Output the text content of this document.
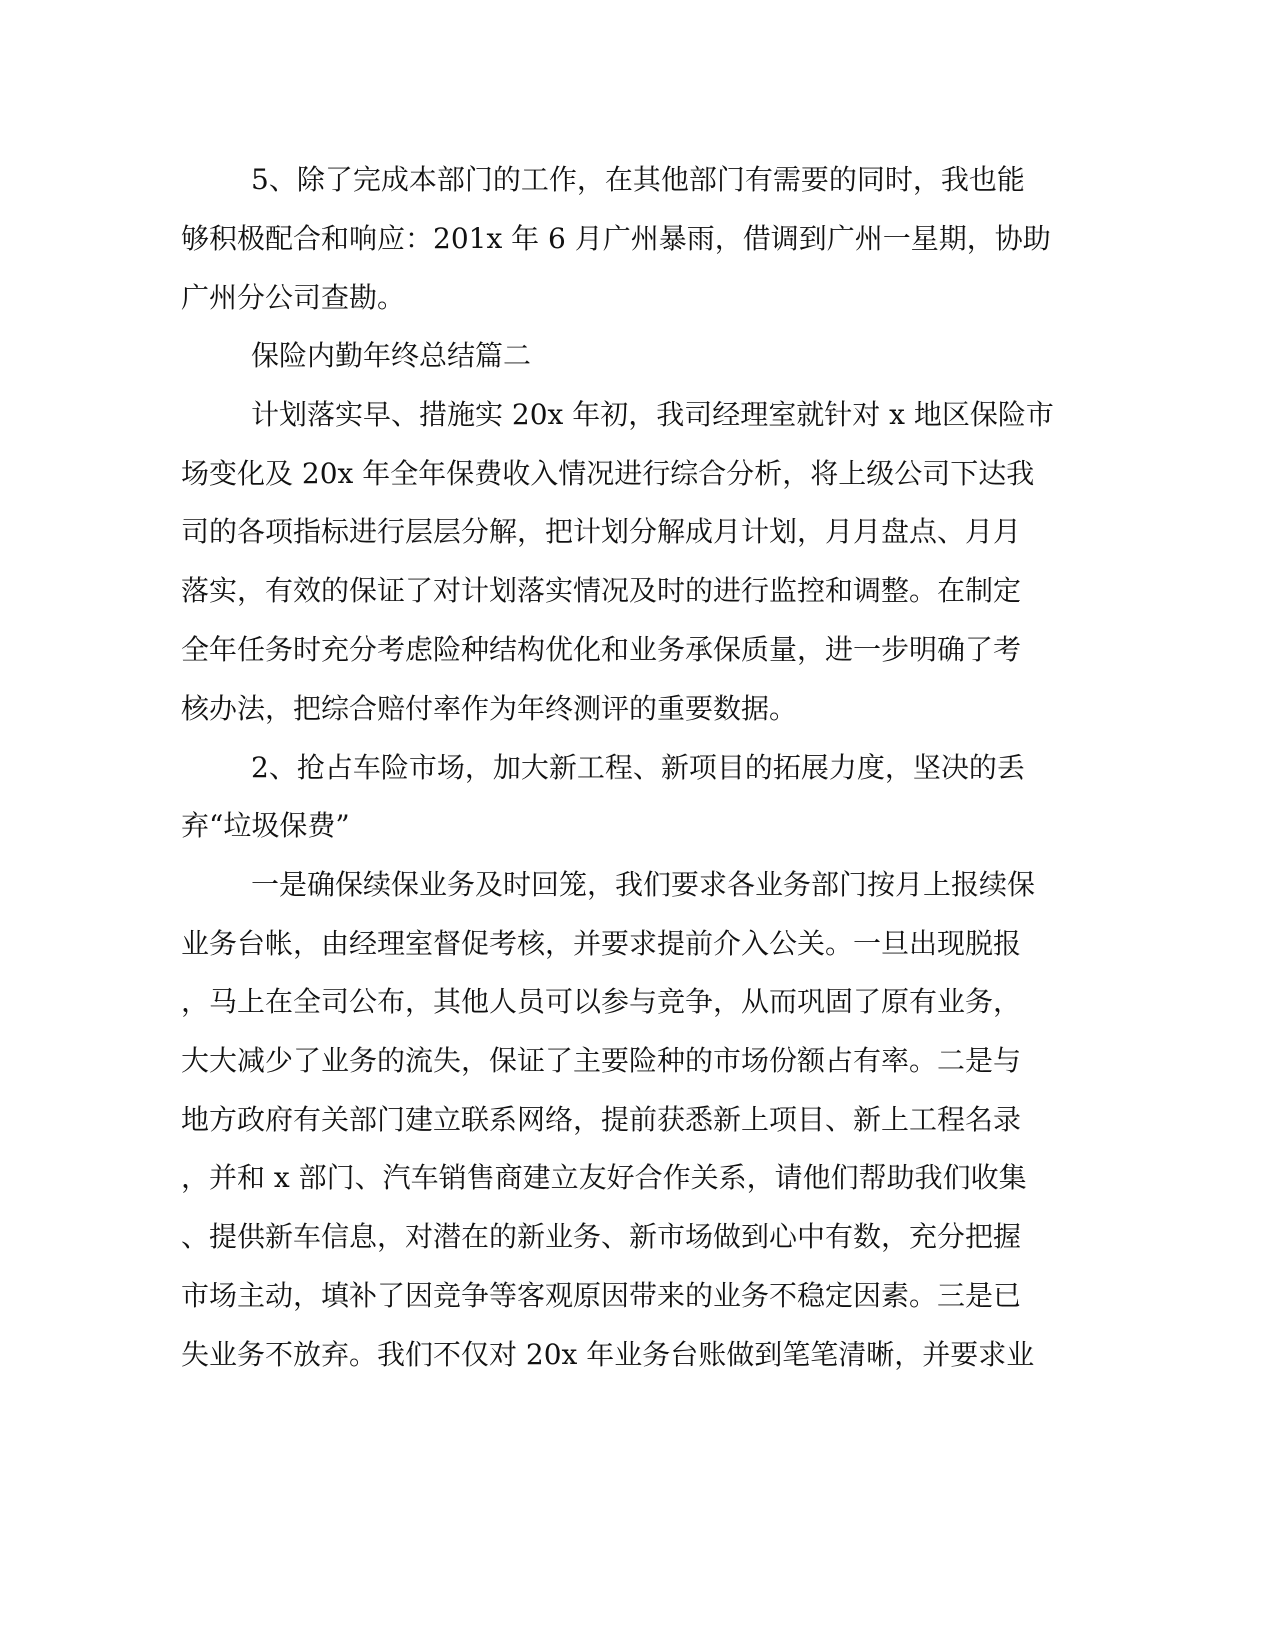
5、除了完成本部门的工作，在其他部门有需要的同时，我也能

够积极配合和响应：201x 年 6 月广州暴雨，借调到广州一星期，协助

广州分公司查勘。

保险内勤年终总结篇二

计划落实早、措施实 20x 年初，我司经理室就针对 x 地区保险市

场变化及 20x 年全年保费收入情况进行综合分析，将上级公司下达我

司的各项指标进行层层分解，把计划分解成月计划，月月盘点、月月

落实，有效的保证了对计划落实情况及时的进行监控和调整。在制定

全年任务时充分考虑险种结构优化和业务承保质量，进一步明确了考

核办法，把综合赔付率作为年终测评的重要数据。

2、抢占车险市场，加大新工程、新项目的拓展力度，坚决的丢

弃“垃圾保费”

一是确保续保业务及时回笼，我们要求各业务部门按月上报续保

业务台帐，由经理室督促考核，并要求提前介入公关。一旦出现脱报

，马上在全司公布，其他人员可以参与竞争，从而巩固了原有业务，

大大减少了业务的流失，保证了主要险种的市场份额占有率。二是与

地方政府有关部门建立联系网络，提前获悉新上项目、新上工程名录

，并和 x 部门、汽车销售商建立友好合作关系，请他们帮助我们收集

、提供新车信息，对潜在的新业务、新市场做到心中有数，充分把握

市场主动，填补了因竞争等客观原因带来的业务不稳定因素。三是已

失业务不放弃。我们不仅对 20x 年业务台账做到笔笔清晰，并要求业
